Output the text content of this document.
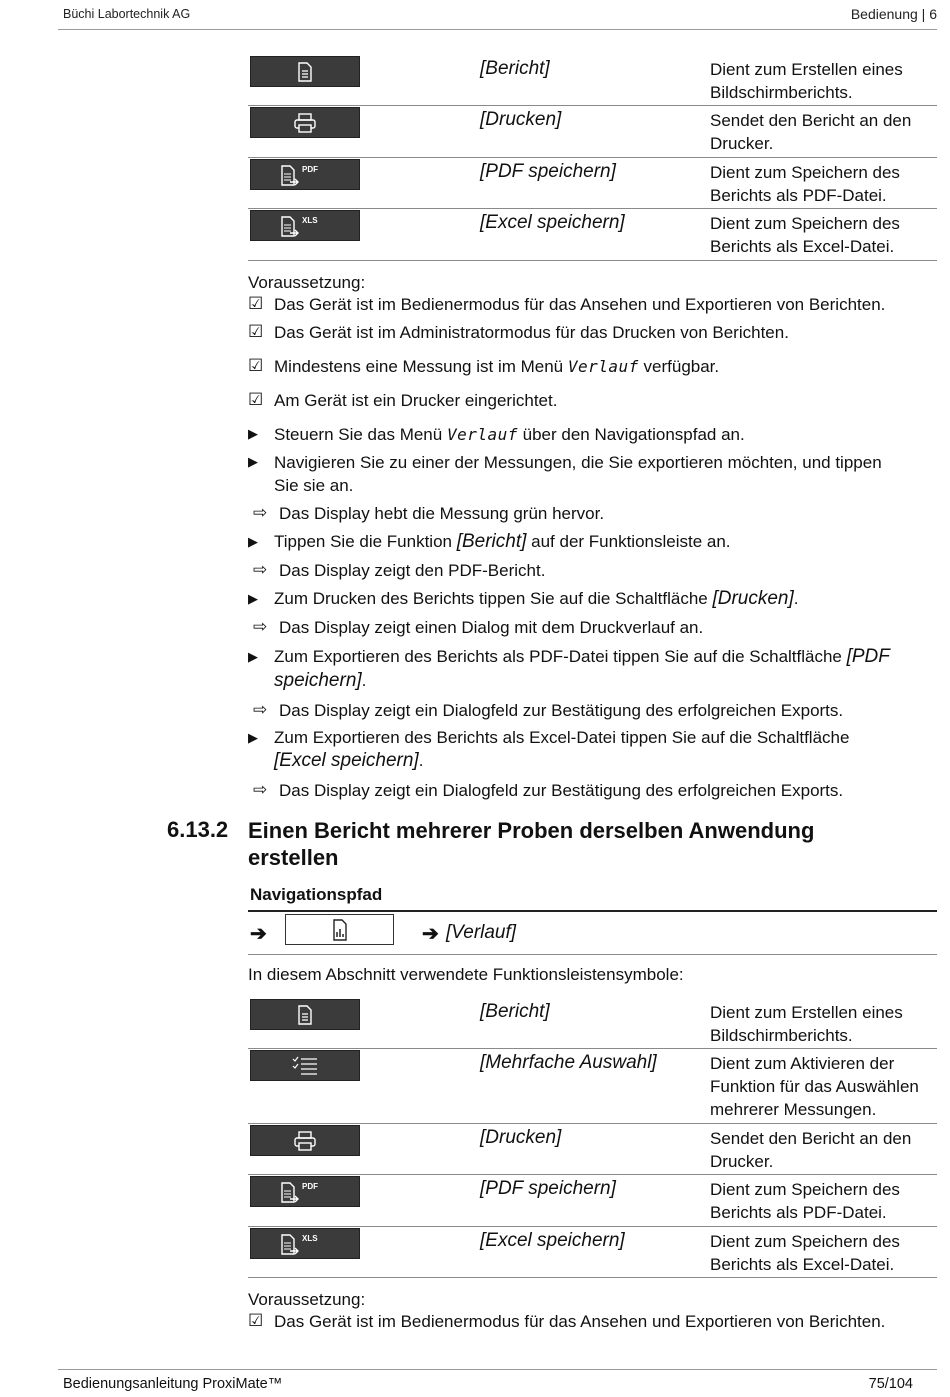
Büchi Labortechnik AG	Bedienung | 6
[Bericht]	Dient zum Erstellen eines
Bildschirmberichts.
[Drucken]	Sendet den Bericht an den
Drucker.
PDF	[PDF speichern]	Dient zum Speichern des
Berichts als PDF-Datei.
XLS	[Excel speichern]	Dient zum Speichern des
Berichts als Excel-Datei.
Voraussetzung:
☑ Das Gerät ist im Bedienermodus für das Ansehen und Exportieren von Berichten.
☑ Das Gerät ist im Administratormodus für das Drucken von Berichten.
☑ Mindestens eine Messung ist im Menü Verlauf verfügbar.
☑ Am Gerät ist ein Drucker eingerichtet.
▶ Steuern Sie das Menü Verlauf über den Navigationspfad an.
▶ Navigieren Sie zu einer der Messungen, die Sie exportieren möchten, und tippen
Sie sie an.
⇨ Das Display hebt die Messung grün hervor.
▶ Tippen Sie die Funktion [Bericht] auf der Funktionsleiste an.
⇨ Das Display zeigt den PDF-Bericht.
▶ Zum Drucken des Berichts tippen Sie auf die Schaltfläche [Drucken].
⇨ Das Display zeigt einen Dialog mit dem Druckverlauf an.
▶ Zum Exportieren des Berichts als PDF-Datei tippen Sie auf die Schaltfläche [PDF
speichern].
⇨ Das Display zeigt ein Dialogfeld zur Bestätigung des erfolgreichen Exports.
▶ Zum Exportieren des Berichts als Excel-Datei tippen Sie auf die Schaltfläche
[Excel speichern].
⇨ Das Display zeigt ein Dialogfeld zur Bestätigung des erfolgreichen Exports.
6.13.2 Einen Bericht mehrerer Proben derselben Anwendung
erstellen
Navigationspfad
➔	➔ [Verlauf]
In diesem Abschnitt verwendete Funktionsleistensymbole:
[Bericht]	Dient zum Erstellen eines
Bildschirmberichts.
[Mehrfache Auswahl]	Dient zum Aktivieren der
Funktion für das Auswählen
mehrerer Messungen.
[Drucken]	Sendet den Bericht an den
Drucker.
PDF	[PDF speichern]	Dient zum Speichern des
Berichts als PDF-Datei.
XLS	[Excel speichern]	Dient zum Speichern des
Berichts als Excel-Datei.
Voraussetzung:
☑ Das Gerät ist im Bedienermodus für das Ansehen und Exportieren von Berichten.
Bedienungsanleitung ProxiMate™	75/104
